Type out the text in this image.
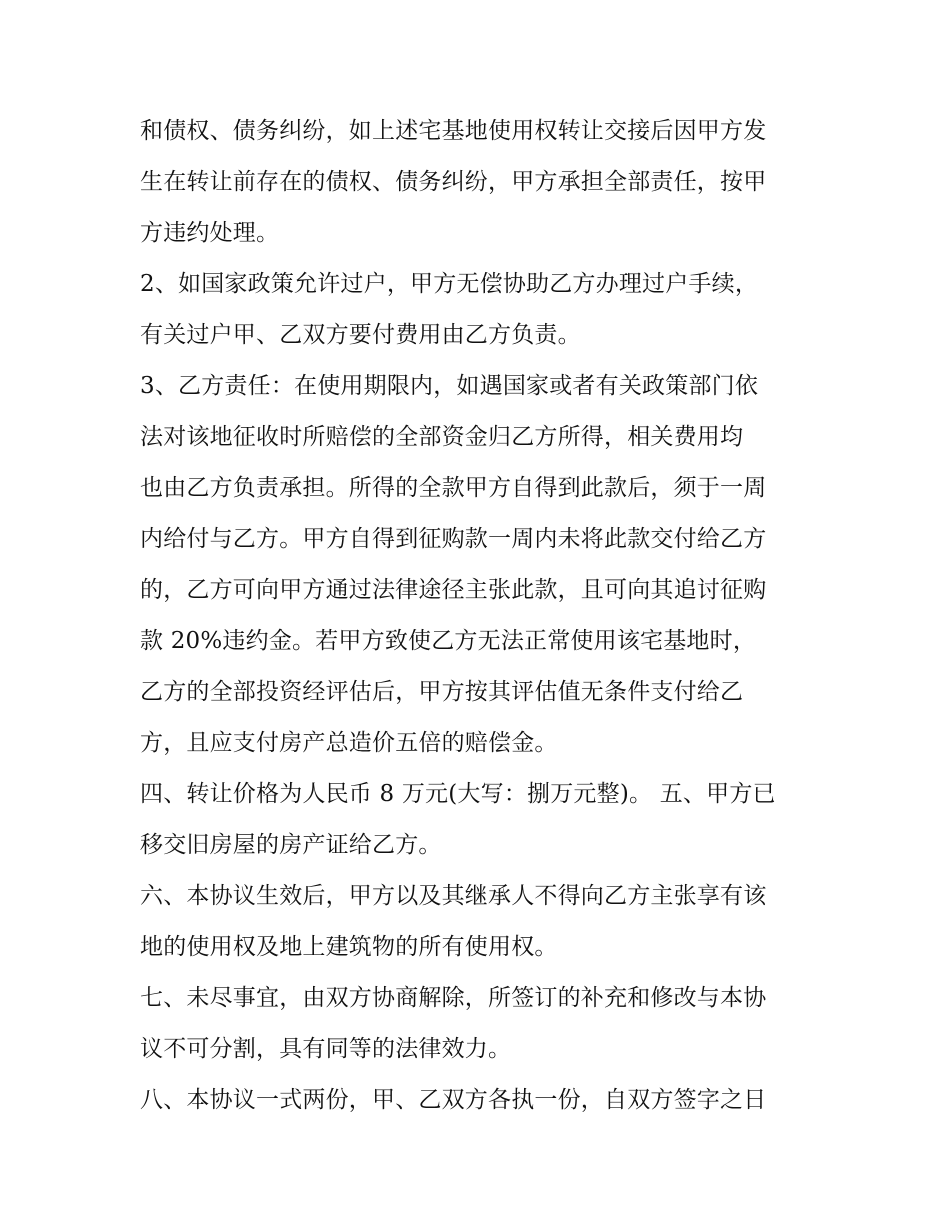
和债权、债务纠纷，如上述宅基地使用权转让交接后因甲方发
生在转让前存在的债权、债务纠纷，甲方承担全部责任，按甲
方违约处理。
2、如国家政策允许过户，甲方无偿协助乙方办理过户手续，
有关过户甲、乙双方要付费用由乙方负责。
3、乙方责任：在使用期限内，如遇国家或者有关政策部门依
法对该地征收时所赔偿的全部资金归乙方所得，相关费用均
也由乙方负责承担。所得的全款甲方自得到此款后，须于一周
内给付与乙方。甲方自得到征购款一周内未将此款交付给乙方
的，乙方可向甲方通过法律途径主张此款，且可向其追讨征购
款 20%违约金。若甲方致使乙方无法正常使用该宅基地时，
乙方的全部投资经评估后，甲方按其评估值无条件支付给乙
方，且应支付房产总造价五倍的赔偿金。
四、转让价格为人民币 8 万元(大写：捌万元整)。 五、甲方已
移交旧房屋的房产证给乙方。
六、本协议生效后，甲方以及其继承人不得向乙方主张享有该
地的使用权及地上建筑物的所有使用权。
七、未尽事宜，由双方协商解除，所签订的补充和修改与本协
议不可分割，具有同等的法律效力。
八、本协议一式两份，甲、乙双方各执一份，自双方签字之日
